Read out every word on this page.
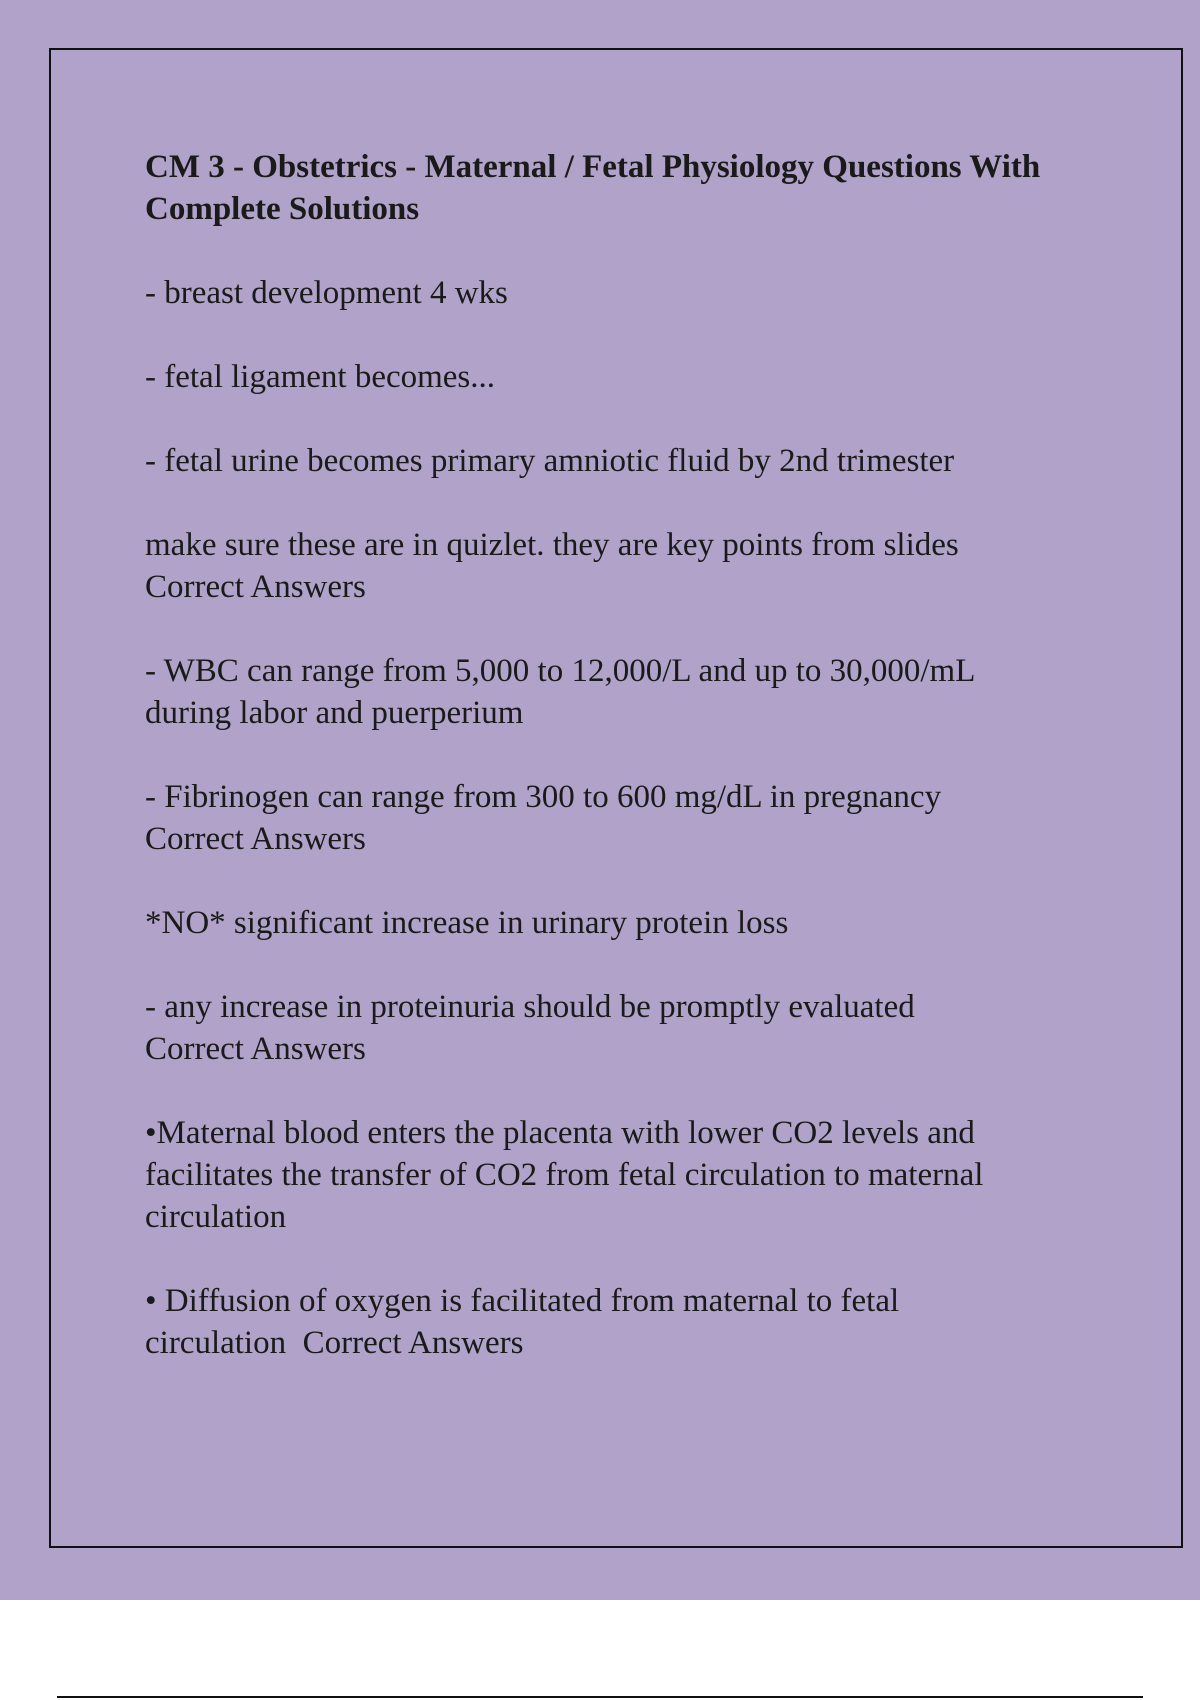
CM 3 - Obstetrics - Maternal / Fetal Physiology Questions With Complete Solutions
- breast development 4 wks
- fetal ligament becomes...
- fetal urine becomes primary amniotic fluid by 2nd trimester
make sure these are in quizlet. they are key points from slides
Correct Answers
- WBC can range from 5,000 to 12,000/L and up to 30,000/mL
during labor and puerperium
- Fibrinogen can range from 300 to 600 mg/dL in pregnancy
Correct Answers
*NO* significant increase in urinary protein loss
- any increase in proteinuria should be promptly evaluated
Correct Answers
•Maternal blood enters the placenta with lower CO2 levels and
facilitates the transfer of CO2 from fetal circulation to maternal
circulation
• Diffusion of oxygen is facilitated from maternal to fetal
circulation  Correct Answers
